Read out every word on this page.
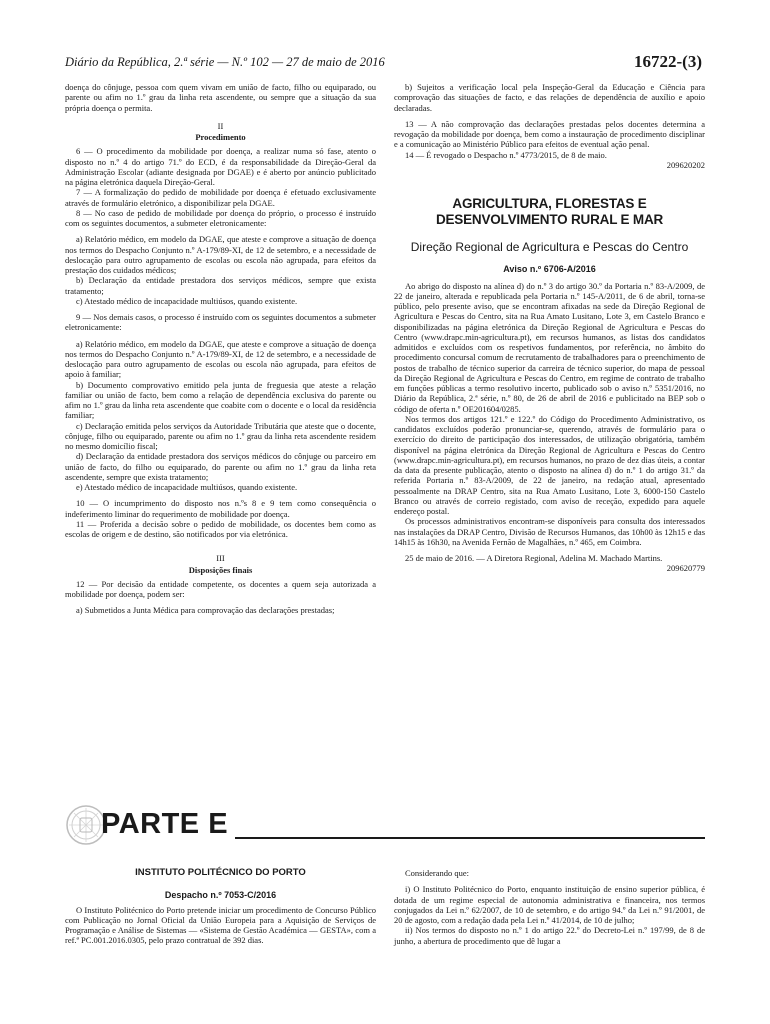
Diário da República, 2.ª série — N.º 102 — 27 de maio de 2016	16722-(3)

doença do cônjuge, pessoa com quem vivam em união de facto, filho ou equiparado, ou parente ou afim no 1.º grau da linha reta ascendente, ou sempre que a situação da sua própria doença o permita.

II
Procedimento

6 — O procedimento da mobilidade por doença, a realizar numa só fase, atento o disposto no n.º 4 do artigo 71.º do ECD, é da responsabilidade da Direção-Geral da Administração Escolar (adiante designada por DGAE) e é aberto por anúncio publicitado na página eletrónica daquela Direção-Geral.

7 — A formalização do pedido de mobilidade por doença é efetuado exclusivamente através de formulário eletrónico, a disponibilizar pela DGAE.

8 — No caso de pedido de mobilidade por doença do próprio, o processo é instruído com os seguintes documentos, a submeter eletronicamente:

a) Relatório médico, em modelo da DGAE, que ateste e comprove a situação de doença nos termos do Despacho Conjunto n.º A-179/89-XI, de 12 de setembro, e a necessidade de deslocação para outro agrupamento de escolas ou escola não agrupada, para efeitos da prestação dos cuidados médicos;

b) Declaração da entidade prestadora dos serviços médicos, sempre que exista tratamento;

c) Atestado médico de incapacidade multiúsos, quando existente.

9 — Nos demais casos, o processo é instruído com os seguintes documentos a submeter eletronicamente:

a) Relatório médico, em modelo da DGAE, que ateste e comprove a situação de doença nos termos do Despacho Conjunto n.º A-179/89-XI, de 12 de setembro, e a necessidade de deslocação para outro agrupamento de escolas ou escola não agrupada, para efeitos de apoio à familiar;

b) Documento comprovativo emitido pela junta de freguesia que ateste a relação familiar ou união de facto, bem como a relação de dependência exclusiva do parente ou afim no 1.º grau da linha reta ascendente que coabite com o docente e o local da residência familiar;

c) Declaração emitida pelos serviços da Autoridade Tributária que ateste que o docente, cônjuge, filho ou equiparado, parente ou afim no 1.º grau da linha reta ascendente residem no mesmo domicílio fiscal;

d) Declaração da entidade prestadora dos serviços médicos do cônjuge ou parceiro em união de facto, do filho ou equiparado, do parente ou afim no 1.º grau da linha reta ascendente, sempre que exista tratamento;

e) Atestado médico de incapacidade multiúsos, quando existente.

10 — O incumprimento do disposto nos n.ºs 8 e 9 tem como consequência o indeferimento liminar do requerimento de mobilidade por doença.

11 — Proferida a decisão sobre o pedido de mobilidade, os docentes bem como as escolas de origem e de destino, são notificados por via eletrónica.

III
Disposições finais

12 — Por decisão da entidade competente, os docentes a quem seja autorizada a mobilidade por doença, podem ser:

a) Submetidos a Junta Médica para comprovação das declarações prestadas;

b) Sujeitos a verificação local pela Inspeção-Geral da Educação e Ciência para comprovação das situações de facto, e das relações de dependência de auxílio e apoio declaradas.

13 — A não comprovação das declarações prestadas pelos docentes determina a revogação da mobilidade por doença, bem como a instauração de procedimento disciplinar e a comunicação ao Ministério Público para efeitos de eventual ação penal.

14 — É revogado o Despacho n.º 4773/2015, de 8 de maio.

209620202

AGRICULTURA, FLORESTAS E DESENVOLVIMENTO RURAL E MAR
Direção Regional de Agricultura e Pescas do Centro
Aviso n.º 6706-A/2016

Ao abrigo do disposto na alínea d) do n.º 3 do artigo 30.º da Portaria n.º 83-A/2009, de 22 de janeiro, alterada e republicada pela Portaria n.º 145-A/2011, de 6 de abril, torna-se público, pelo presente aviso, que se encontram afixadas na sede da Direção Regional de Agricultura e Pescas do Centro, sita na Rua Amato Lusitano, Lote 3, em Castelo Branco e disponibilizadas na página eletrónica da Direção Regional de Agricultura e Pescas do Centro (www.drapc.min-agricultura.pt), em recursos humanos, as listas dos candidatos admitidos e excluídos com os respetivos fundamentos, por referência, no âmbito do procedimento concursal comum de recrutamento de trabalhadores para o preenchimento de postos de trabalho de técnico superior da carreira de técnico superior, do mapa de pessoal da Direção Regional de Agricultura e Pescas do Centro, em regime de contrato de trabalho em funções públicas a termo resolutivo incerto, publicado sob o aviso n.º 5351/2016, no Diário da República, 2.ª série, n.º 80, de 26 de abril de 2016 e publicitado na BEP sob o código de oferta n.º OE201604/0285.

Nos termos dos artigos 121.º e 122.º do Código do Procedimento Administrativo, os candidatos excluídos poderão pronunciar-se, querendo, através de formulário para o exercício do direito de participação dos interessados, de utilização obrigatória, também disponível na página eletrónica da Direção Regional de Agricultura e Pescas do Centro (www.drapc.min-agricultura.pt), em recursos humanos, no prazo de dez dias úteis, a contar da data da presente publicação, atento o disposto na alínea d) do n.º 1 do artigo 31.º da referida Portaria n.º 83-A/2009, de 22 de janeiro, na redação atual, apresentado pessoalmente na DRAP Centro, sita na Rua Amato Lusitano, Lote 3, 6000-150 Castelo Branco ou através de correio registado, com aviso de receção, expedido para aquele endereço postal.

Os processos administrativos encontram-se disponíveis para consulta dos interessados nas instalações da DRAP Centro, Divisão de Recursos Humanos, das 10h00 às 12h15 e das 14h15 às 16h30, na Avenida Fernão de Magalhães, n.º 465, em Coimbra.

25 de maio de 2016. — A Diretora Regional, Adelina M. Machado Martins.

209620779

PARTE E
INSTITUTO POLITÉCNICO DO PORTO
Despacho n.º 7053-C/2016

O Instituto Politécnico do Porto pretende iniciar um procedimento de Concurso Público com Publicação no Jornal Oficial da União Europeia para a Aquisição de Serviços de Programação e Análise de Sistemas — «Sistema de Gestão Académica — GESTA», com a ref.ª PC.001.2016.0305, pelo prazo contratual de 392 dias.

Considerando que:

i) O Instituto Politécnico do Porto, enquanto instituição de ensino superior pública, é dotada de um regime especial de autonomia administrativa e financeira, nos termos conjugados da Lei n.º 62/2007, de 10 de setembro, e do artigo 94.º da Lei n.º 91/2001, de 20 de agosto, com a redação dada pela Lei n.º 41/2014, de 10 de julho;

ii) Nos termos do disposto no n.º 1 do artigo 22.º do Decreto-Lei n.º 197/99, de 8 de junho, a abertura de procedimento que dê lugar a
